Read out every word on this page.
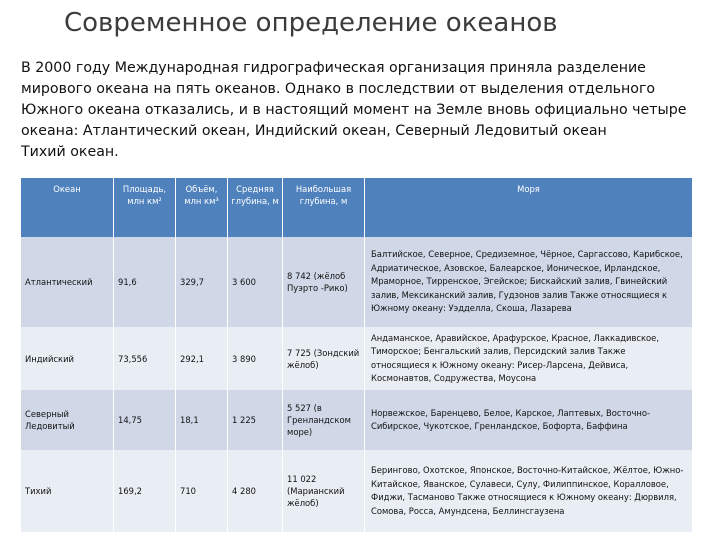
Современное определение океанов
В 2000 году Международная гидрографическая организация приняла разделение
мирового океана на пять океанов. Однако в последствии от выделения отдельного
Южного океана отказались, и в настоящий момент на Земле вновь официально четыре
океана: Атлантический океан, Индийский океан, Северный Ледовитый океан
Тихий океан.
Океан	Площадь, млн км²	Объём, млн км³	Средняя глубина, м	Наибольшая глубина, м	Моря
Атлантический	91,6	329,7	3 600	8 742 (жёлоб Пуэрто -Рико)	Балтийское, Северное, Средиземное, Чёрное, Саргассово, Карибское, Адриатическое, Азовское, Балеарское, Ионическое, Ирландское, Мраморное, Тирренское, Эгейское; Бискайский залив, Гвинейский залив, Мексиканский залив, Гудзонов залив Также относящиеся к Южному океану: Уэдделла, Скоша, Лазарева
Индийский	73,556	292,1	3 890	7 725 (Зондский жёлоб)	Андаманское, Аравийское, Арафурское, Красное, Лаккадивское, Тиморское; Бенгальский залив, Персидский залив Также относящиеся к Южному океану: Рисер-Ларсена, Дейвиса, Космонавтов, Содружества, Моусона
Северный Ледовитый	14,75	18,1	1 225	5 527 (в Гренландском море)	Норвежское, Баренцево, Белое, Карское, Лаптевых, Восточно-Сибирское, Чукотское, Гренландское, Бофорта, Баффина
Тихий	169,2	710	4 280	11 022 (Марианский жёлоб)	Берингово, Охотское, Японское, Восточно-Китайское, Жёлтое, Южно-Китайское, Яванское, Сулавеси, Сулу, Филиппинское, Коралловое, Фиджи, Тасманово Также относящиеся к Южному океану: Дюрвиля, Сомова, Росса, Амундсена, Беллинсгаузена
